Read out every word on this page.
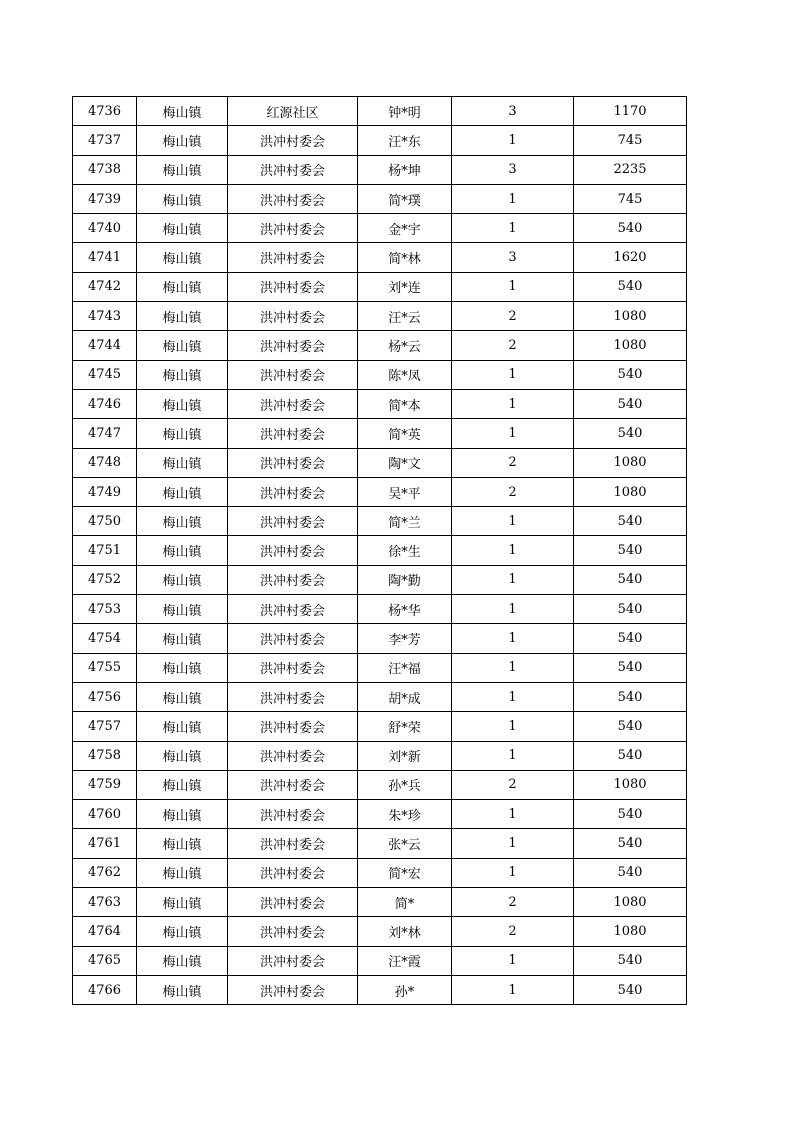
4736	梅山镇	红源社区	钟*明	3	1170
4737	梅山镇	洪冲村委会	汪*东	1	745
4738	梅山镇	洪冲村委会	杨*坤	3	2235
4739	梅山镇	洪冲村委会	简*璞	1	745
4740	梅山镇	洪冲村委会	金*宇	1	540
4741	梅山镇	洪冲村委会	简*林	3	1620
4742	梅山镇	洪冲村委会	刘*连	1	540
4743	梅山镇	洪冲村委会	汪*云	2	1080
4744	梅山镇	洪冲村委会	杨*云	2	1080
4745	梅山镇	洪冲村委会	陈*凤	1	540
4746	梅山镇	洪冲村委会	简*本	1	540
4747	梅山镇	洪冲村委会	简*英	1	540
4748	梅山镇	洪冲村委会	陶*文	2	1080
4749	梅山镇	洪冲村委会	吴*平	2	1080
4750	梅山镇	洪冲村委会	简*兰	1	540
4751	梅山镇	洪冲村委会	徐*生	1	540
4752	梅山镇	洪冲村委会	陶*勤	1	540
4753	梅山镇	洪冲村委会	杨*华	1	540
4754	梅山镇	洪冲村委会	李*芳	1	540
4755	梅山镇	洪冲村委会	汪*福	1	540
4756	梅山镇	洪冲村委会	胡*成	1	540
4757	梅山镇	洪冲村委会	舒*荣	1	540
4758	梅山镇	洪冲村委会	刘*新	1	540
4759	梅山镇	洪冲村委会	孙*兵	2	1080
4760	梅山镇	洪冲村委会	朱*珍	1	540
4761	梅山镇	洪冲村委会	张*云	1	540
4762	梅山镇	洪冲村委会	简*宏	1	540
4763	梅山镇	洪冲村委会	简*	2	1080
4764	梅山镇	洪冲村委会	刘*林	2	1080
4765	梅山镇	洪冲村委会	汪*霞	1	540
4766	梅山镇	洪冲村委会	孙*	1	540
